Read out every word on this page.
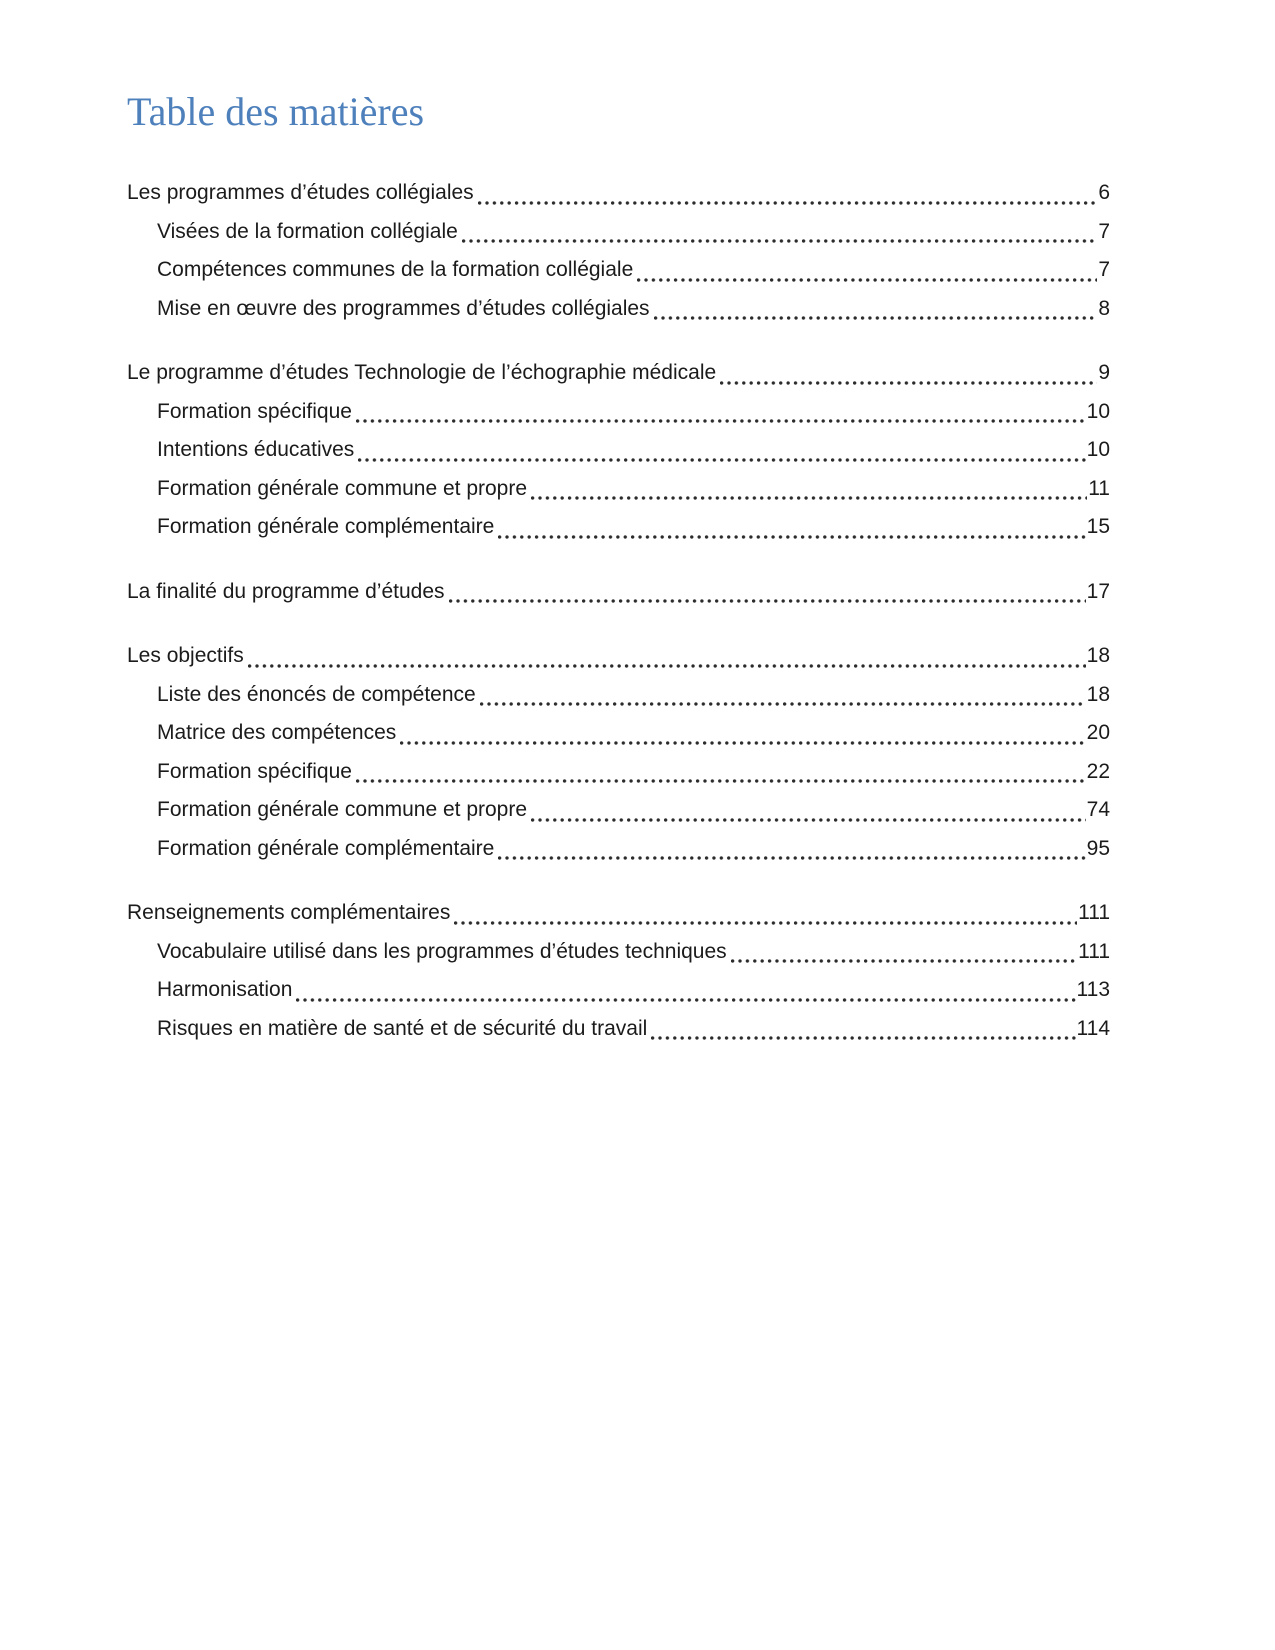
Table des matières
Les programmes d’études collégiales	6
Visées de la formation collégiale	7
Compétences communes de la formation collégiale	7
Mise en œuvre des programmes d’études collégiales	8
Le programme d’études Technologie de l’échographie médicale	9
Formation spécifique	10
Intentions éducatives	10
Formation générale commune et propre	11
Formation générale complémentaire	15
La finalité du programme d’études	17
Les objectifs	18
Liste des énoncés de compétence	18
Matrice des compétences	20
Formation spécifique	22
Formation générale commune et propre	74
Formation générale complémentaire	95
Renseignements complémentaires	111
Vocabulaire utilisé dans les programmes d’études techniques	111
Harmonisation	113
Risques en matière de santé et de sécurité du travail	114
